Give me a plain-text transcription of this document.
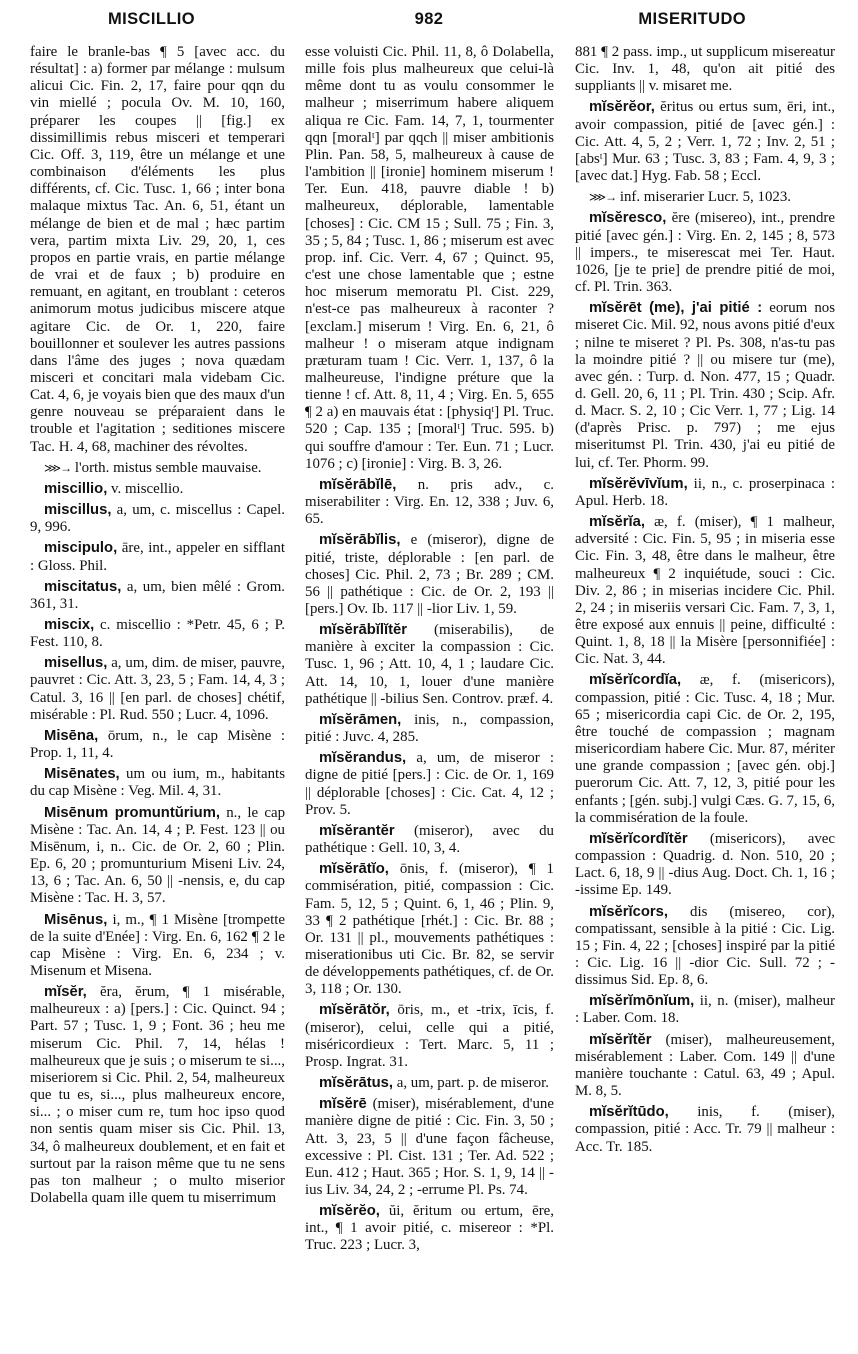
MISCILLIO	982	MISERITUDO

faire le branle-bas ¶ 5 [avec acc. du résultat] : a) former par mélange : mulsum alicui Cic. Fin. 2, 17, faire pour qqn du vin miellé ; pocula Ov. M. 10, 160, préparer les coupes || [fig.] ex dissimillimis rebus misceri et temperari Cic. Off. 3, 119, être un mélange et une combinaison d'éléments les plus différents, cf. Cic. Tusc. 1, 66 ; inter bona malaque mixtus Tac. An. 6, 51, étant un mélange de bien et de mal ; hæc partim vera, partim mixta Liv. 29, 20, 1, ces propos en partie vrais, en partie mélange de vrai et de faux ; b) produire en remuant, en agitant, en troublant : ceteros animorum motus judicibus miscere atque agitare Cic. de Or. 1, 220, faire bouillonner et soulever les autres passions dans l'âme des juges ; nova quædam misceri et concitari mala videbam Cic. Cat. 4, 6, je voyais bien que des maux d'un genre nouveau se préparaient dans le trouble et l'agitation ; seditiones miscere Tac. H. 4, 68, machiner des révoltes.

⋙→ l'orth. mistus semble mauvaise.

miscillio, v. miscellio.

miscillus, a, um, c. miscellus : Capel. 9, 996.

miscipulo, āre, int., appeler en sifflant : Gloss. Phil.

miscitatus, a, um, bien mêlé : Grom. 361, 31.

miscix, c. miscellio : *Petr. 45, 6 ; P. Fest. 110, 8.

misellus, a, um, dim. de miser, pauvre, pauvret : Cic. Att. 3, 23, 5 ; Fam. 14, 4, 3 ; Catul. 3, 16 || [en parl. de choses] chétif, misérable : Pl. Rud. 550 ; Lucr. 4, 1096.

Misēna, ōrum, n., le cap Misène : Prop. 1, 11, 4.

Misēnates, um ou ium, m., habitants du cap Misène : Veg. Mil. 4, 31.

Misēnum promuntŭrium, n., le cap Misène : Tac. An. 14, 4 ; P. Fest. 123 || ou Misēnum, i, n.. Cic. de Or. 2, 60 ; Plin. Ep. 6, 20 ; promunturium Miseni Liv. 24, 13, 6 ; Tac. An. 6, 50 || -nensis, e, du cap Misène : Tac. H. 3, 57.

Misēnus, i, m., ¶ 1 Misène [trompette de la suite d'Enée] : Virg. En. 6, 162 ¶ 2 le cap Misène : Virg. En. 6, 234 ; v. Misenum et Misena.

mĭsĕr, ĕra, ĕrum, ¶ 1 misérable, malheureux : a) [pers.] : Cic. Quinct. 94 ; Part. 57 ; Tusc. 1, 9 ; Font. 36 ; heu me miserum Cic. Phil. 7, 14, hélas ! malheureux que je suis ; o miserum te si..., miseriorem si Cic. Phil. 2, 54, malheureux que tu es, si..., plus malheureux encore, si... ; o miser cum re, tum hoc ipso quod non sentis quam miser sis Cic. Phil. 13, 34, ô malheureux doublement, et en fait et surtout par la raison même que tu ne sens pas ton malheur ; o multo miserior Dolabella quam ille quem tu miserrimum

esse voluisti Cic. Phil. 11, 8, ô Dolabella, mille fois plus malheureux que celui-là même dont tu as voulu consommer le malheur ; miserrimum habere aliquem aliqua re Cic. Fam. 14, 7, 1, tourmenter qqn [moralᵗ] par qqch || miser ambitionis Plin. Pan. 58, 5, malheureux à cause de l'ambition || [ironie] hominem miserum ! Ter. Eun. 418, pauvre diable ! b) malheureux, déplorable, lamentable [choses] : Cic. CM 15 ; Sull. 75 ; Fin. 3, 35 ; 5, 84 ; Tusc. 1, 86 ; miserum est avec prop. inf. Cic. Verr. 4, 67 ; Quinct. 95, c'est une chose lamentable que ; estne hoc miserum memoratu Pl. Cist. 229, n'est-ce pas malheureux à raconter ? [exclam.] miserum ! Virg. En. 6, 21, ô malheur ! o miseram atque indignam præturam tuam ! Cic. Verr. 1, 137, ô la malheureuse, l'indigne préture que la tienne ! cf. Att. 8, 11, 4 ; Virg. En. 5, 655 ¶ 2 a) en mauvais état : [physiqᵗ] Pl. Truc. 520 ; Cap. 135 ; [moralᵗ] Truc. 595. b) qui souffre d'amour : Ter. Eun. 71 ; Lucr. 1076 ; c) [ironie] : Virg. B. 3, 26.

mĭsĕrābĭlē, n. pris adv., c. miserabiliter : Virg. En. 12, 338 ; Juv. 6, 65.

mĭsĕrābĭlis, e (miseror), digne de pitié, triste, déplorable : [en parl. de choses] Cic. Phil. 2, 73 ; Br. 289 ; CM. 56 || pathétique : Cic. de Or. 2, 193 || [pers.] Ov. Ib. 117 || -lior Liv. 1, 59.

mĭsĕrābĭlĭtĕr (miserabilis), de manière à exciter la compassion : Cic. Tusc. 1, 96 ; Att. 10, 4, 1 ; laudare Cic. Att. 14, 10, 1, louer d'une manière pathétique || -bilius Sen. Controv. præf. 4.

mĭsĕrāmen, inis, n., compassion, pitié : Juvc. 4, 285.

mĭsĕrandus, a, um, de miseror : digne de pitié [pers.] : Cic. de Or. 1, 169 || déplorable [choses] : Cic. Cat. 4, 12 ; Prov. 5.

mĭsĕrantĕr (miseror), avec du pathétique : Gell. 10, 3, 4.

mĭsĕrātĭo, ōnis, f. (miseror), ¶ 1 commisération, pitié, compassion : Cic. Fam. 5, 12, 5 ; Quint. 6, 1, 46 ; Plin. 9, 33 ¶ 2 pathétique [rhét.] : Cic. Br. 88 ; Or. 131 || pl., mouvements pathétiques : miserationibus uti Cic. Br. 82, se servir de développements pathétiques, cf. de Or. 3, 118 ; Or. 130.

mĭsĕrātŏr, ōris, m., et -trix, īcis, f. (miseror), celui, celle qui a pitié, miséricordieux : Tert. Marc. 5, 11 ; Prosp. Ingrat. 31.

mĭsĕrātus, a, um, part. p. de miseror.

mĭsĕrē (miser), misérablement, d'une manière digne de pitié : Cic. Fin. 3, 50 ; Att. 3, 23, 5 || d'une façon fâcheuse, excessive : Pl. Cist. 131 ; Ter. Ad. 522 ; Eun. 412 ; Haut. 365 ; Hor. S. 1, 9, 14 || -ius Liv. 34, 24, 2 ; -errume Pl. Ps. 74.

mĭsĕrĕo, ŭi, ĕritum ou ertum, ēre, int., ¶ 1 avoir pitié, c. misereor : *Pl. Truc. 223 ; Lucr. 3,

881 ¶ 2 pass. imp., ut supplicum misereatur Cic. Inv. 1, 48, qu'on ait pitié des suppliants || v. misaret me.

mĭsĕrĕor, ĕritus ou ertus sum, ēri, int., avoir compassion, pitié de [avec gén.] : Cic. Att. 4, 5, 2 ; Verr. 1, 72 ; Inv. 2, 51 ; [absᵗ] Mur. 63 ; Tusc. 3, 83 ; Fam. 4, 9, 3 ; [avec dat.] Hyg. Fab. 58 ; Eccl.

⋙→ inf. miserarier Lucr. 5, 1023.

mĭsĕresco, ĕre (misereo), int., prendre pitié [avec gén.] : Virg. En. 2, 145 ; 8, 573 || impers., te miserescat mei Ter. Haut. 1026, [je te prie] de prendre pitié de moi, cf. Pl. Trin. 363.

mĭsĕrēt (me), j'ai pitié : eorum nos miseret Cic. Mil. 92, nous avons pitié d'eux ; nilne te miseret ? Pl. Ps. 308, n'as-tu pas la moindre pitié ? || ou misere tur (me), avec gén. : Turp. d. Non. 477, 15 ; Quadr. d. Gell. 20, 6, 11 ; Pl. Trin. 430 ; Scip. Afr. d. Macr. S. 2, 10 ; Cic Verr. 1, 77 ; Lig. 14 (d'après Prisc. p. 797) ; me ejus miseritumst Pl. Trin. 430, j'ai eu pitié de lui, cf. Ter. Phorm. 99.

mĭsĕrĕvīvĭum, ii, n., c. proserpinaca : Apul. Herb. 18.

mĭsĕrĭa, æ, f. (miser), ¶ 1 malheur, adversité : Cic. Fin. 5, 95 ; in miseria esse Cic. Fin. 3, 48, être dans le malheur, être malheureux ¶ 2 inquiétude, souci : Cic. Div. 2, 86 ; in miserias incidere Cic. Phil. 2, 24 ; in miseriis versari Cic. Fam. 7, 3, 1, être exposé aux ennuis || peine, difficulté : Quint. 1, 8, 18 || la Misère [personnifiée] : Cic. Nat. 3, 44.

mĭsĕrĭcordĭa, æ, f. (misericors), compassion, pitié : Cic. Tusc. 4, 18 ; Mur. 65 ; misericordia capi Cic. de Or. 2, 195, être touché de compassion ; magnam misericordiam habere Cic. Mur. 87, mériter une grande compassion ; [avec gén. obj.] puerorum Cic. Att. 7, 12, 3, pitié pour les enfants ; [gén. subj.] vulgi Cæs. G. 7, 15, 6, la commisération de la foule.

mĭsĕrĭcordĭtĕr (misericors), avec compassion : Quadrig. d. Non. 510, 20 ; Lact. 6, 18, 9 || -dius Aug. Doct. Ch. 1, 16 ; -issime Ep. 149.

mĭsĕrĭcors, dis (misereo, cor), compatissant, sensible à la pitié : Cic. Lig. 15 ; Fin. 4, 22 ; [choses] inspiré par la pitié : Cic. Lig. 16 || -dior Cic. Sull. 72 ; -dissimus Sid. Ep. 8, 6.

mĭsĕrĭmōnĭum, ii, n. (miser), malheur : Laber. Com. 18.

mĭsĕrĭtĕr (miser), malheureusement, misérablement : Laber. Com. 149 || d'une manière touchante : Catul. 63, 49 ; Apul. M. 8, 5.

mĭsĕrĭtūdo, inis, f. (miser), compassion, pitié : Acc. Tr. 79 || malheur : Acc. Tr. 185.
